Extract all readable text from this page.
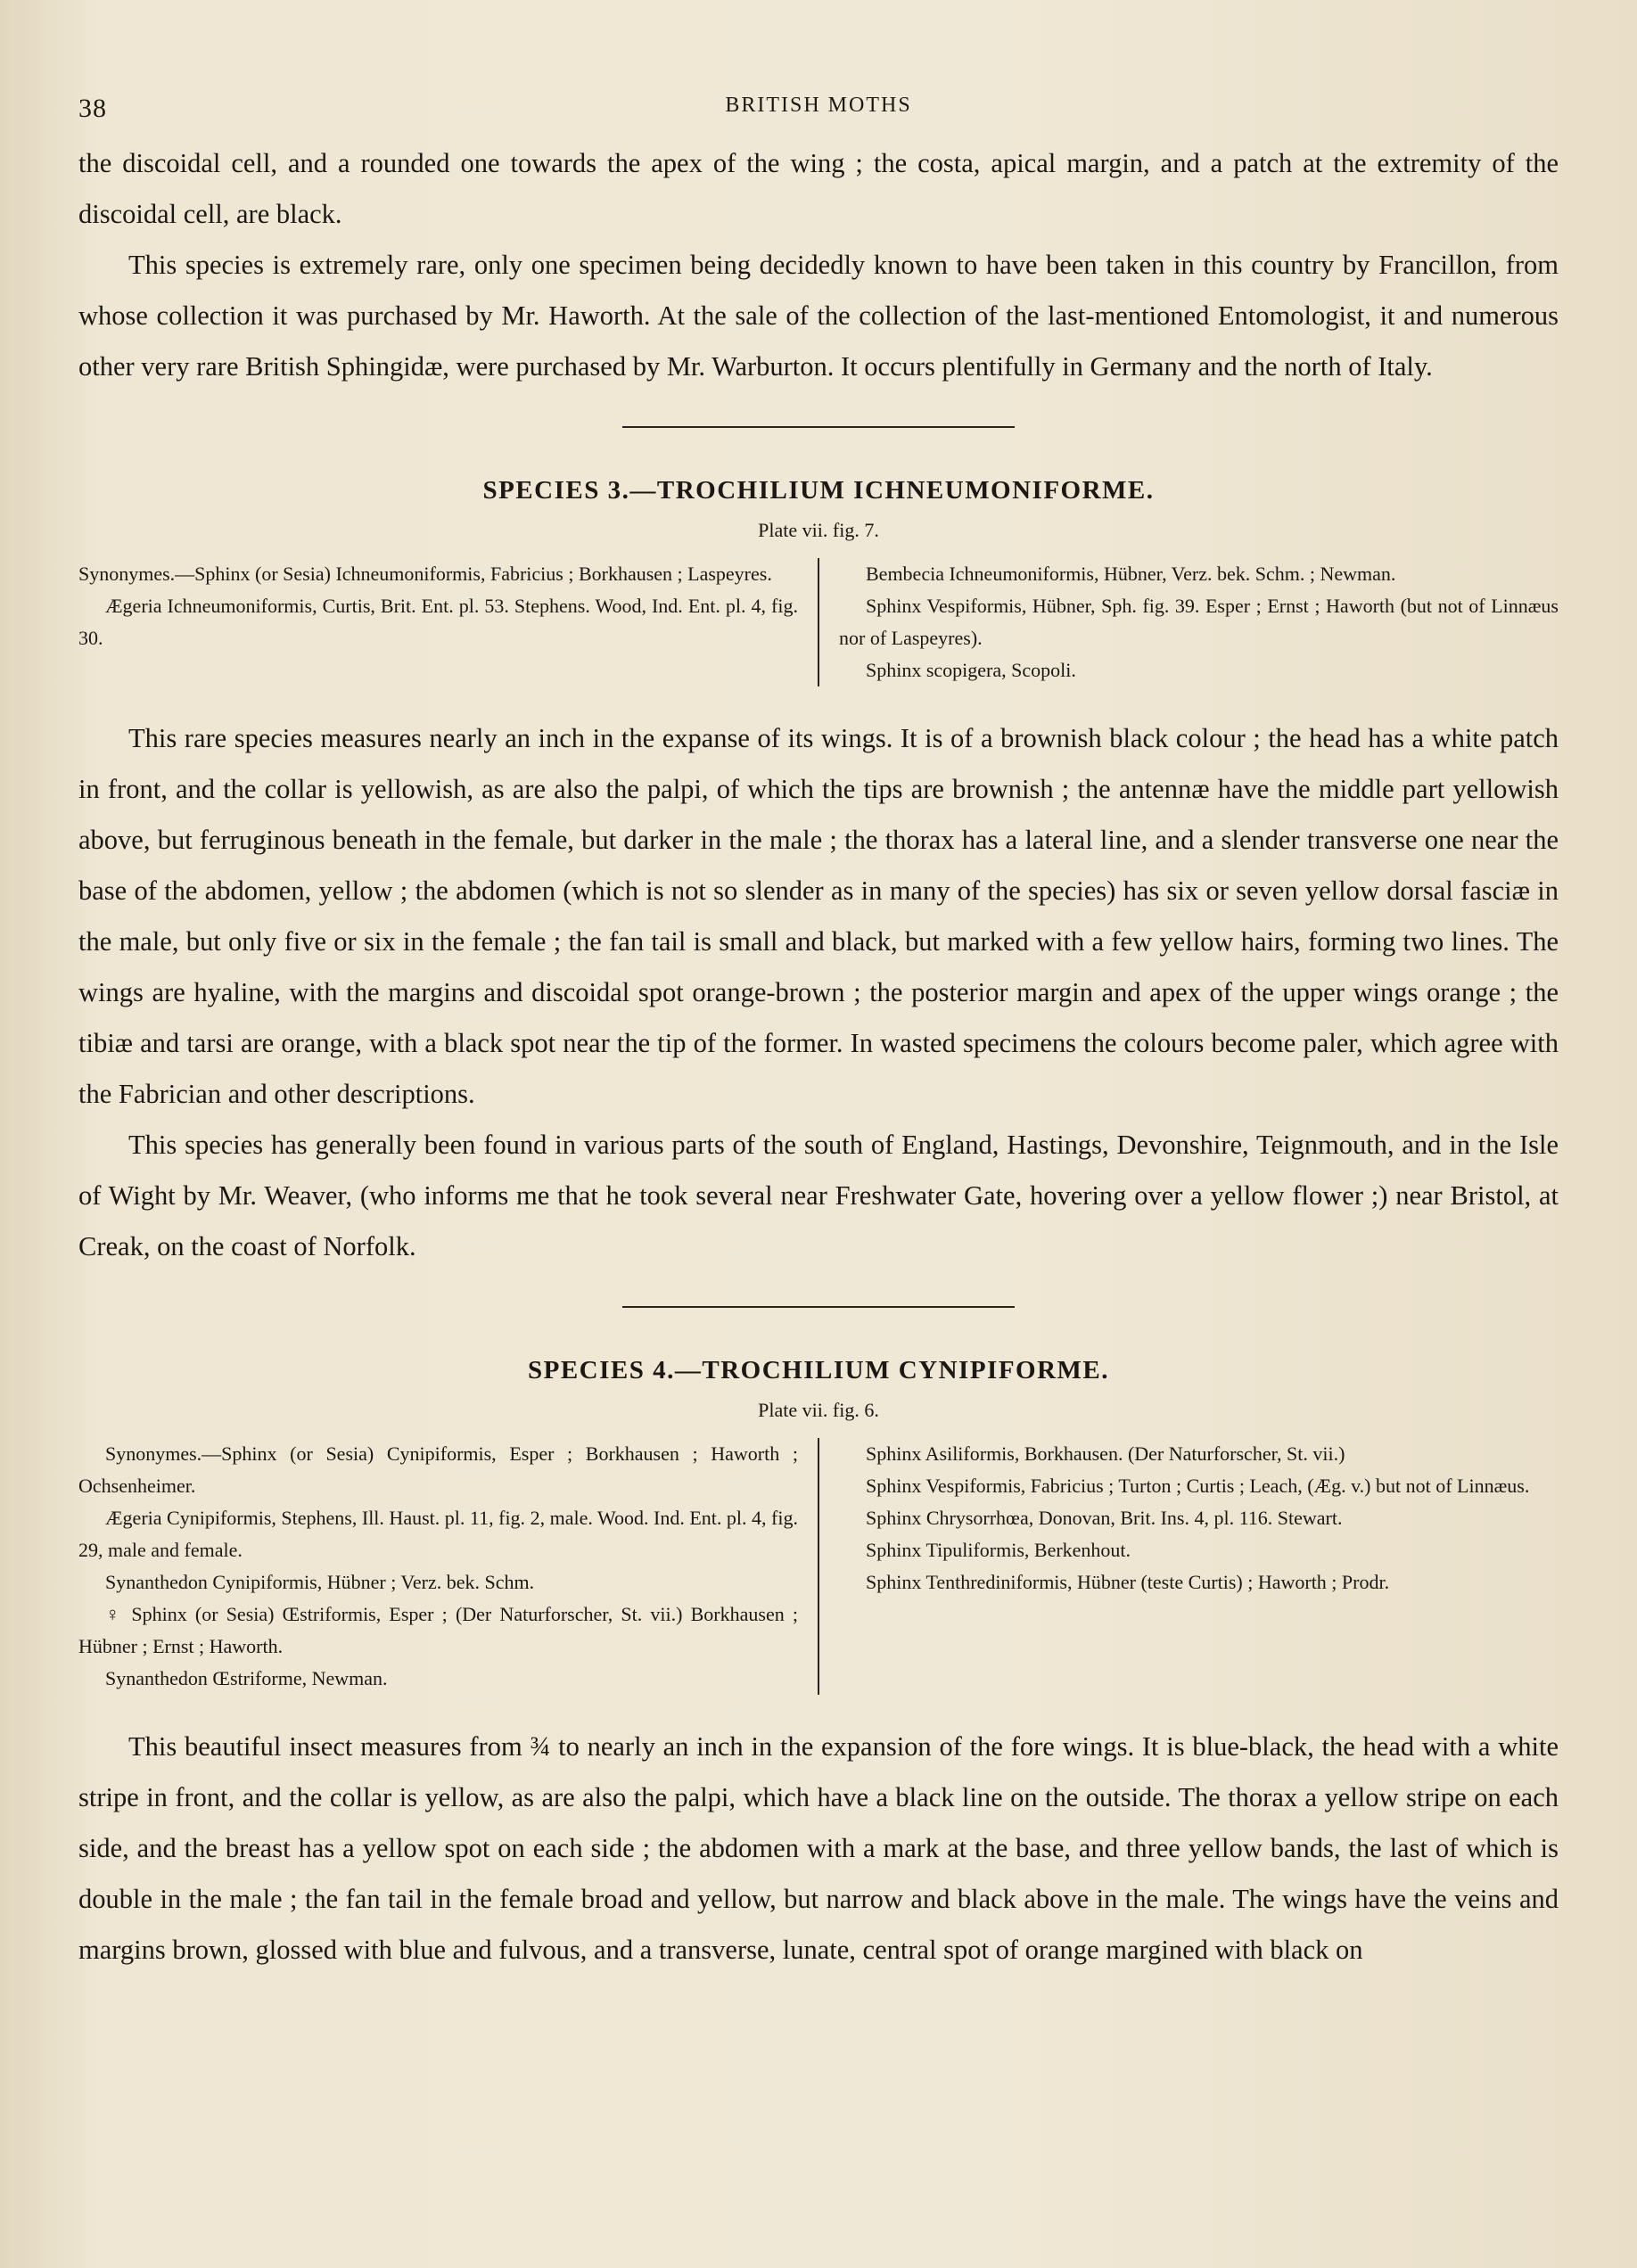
38	BRITISH MOTHS

the discoidal cell, and a rounded one towards the apex of the wing ; the costa, apical margin, and a patch at the extremity of the discoidal cell, are black.

This species is extremely rare, only one specimen being decidedly known to have been taken in this country by Francillon, from whose collection it was purchased by Mr. Haworth. At the sale of the collection of the last-mentioned Entomologist, it and numerous other very rare British Sphingidæ, were purchased by Mr. Warburton. It occurs plentifully in Germany and the north of Italy.

SPECIES 3.—TROCHILIUM ICHNEUMONIFORME.
Plate vii. fig. 7.

Synonymes.—Sphinx (or Sesia) Ichneumoniformis, Fabricius ; Borkhausen ; Laspeyres.

Ægeria Ichneumoniformis, Curtis, Brit. Ent. pl. 53. Stephens. Wood, Ind. Ent. pl. 4, fig. 30.

Bembecia Ichneumoniformis, Hübner, Verz. bek. Schm. ; Newman.

Sphinx Vespiformis, Hübner, Sph. fig. 39. Esper ; Ernst ; Haworth (but not of Linnæus nor of Laspeyres).

Sphinx scopigera, Scopoli.

This rare species measures nearly an inch in the expanse of its wings. It is of a brownish black colour ; the head has a white patch in front, and the collar is yellowish, as are also the palpi, of which the tips are brownish ; the antennæ have the middle part yellowish above, but ferruginous beneath in the female, but darker in the male ; the thorax has a lateral line, and a slender transverse one near the base of the abdomen, yellow ; the abdomen (which is not so slender as in many of the species) has six or seven yellow dorsal fasciæ in the male, but only five or six in the female ; the fan tail is small and black, but marked with a few yellow hairs, forming two lines. The wings are hyaline, with the margins and discoidal spot orange-brown ; the posterior margin and apex of the upper wings orange ; the tibiæ and tarsi are orange, with a black spot near the tip of the former. In wasted specimens the colours become paler, which agree with the Fabrician and other descriptions.

This species has generally been found in various parts of the south of England, Hastings, Devonshire, Teignmouth, and in the Isle of Wight by Mr. Weaver, (who informs me that he took several near Freshwater Gate, hovering over a yellow flower ;) near Bristol, at Creak, on the coast of Norfolk.

SPECIES 4.—TROCHILIUM CYNIPIFORME.
Plate vii. fig. 6.

Synonymes.—Sphinx (or Sesia) Cynipiformis, Esper ; Borkhausen ; Haworth ; Ochsenheimer.

Ægeria Cynipiformis, Stephens, Ill. Haust. pl. 11, fig. 2, male. Wood. Ind. Ent. pl. 4, fig. 29, male and female.

Synanthedon Cynipiformis, Hübner ; Verz. bek. Schm.

♀ Sphinx (or Sesia) Œstriformis, Esper ; (Der Naturforscher, St. vii.) Borkhausen ; Hübner ; Ernst ; Haworth.

Synanthedon Œstriforme, Newman.

Sphinx Asiliformis, Borkhausen. (Der Naturforscher, St. vii.)

Sphinx Vespiformis, Fabricius ; Turton ; Curtis ; Leach, (Æg. v.) but not of Linnæus.

Sphinx Chrysorrhœa, Donovan, Brit. Ins. 4, pl. 116. Stewart.

Sphinx Tipuliformis, Berkenhout.

Sphinx Tenthrediniformis, Hübner (teste Curtis) ; Haworth ; Prodr.

This beautiful insect measures from ¾ to nearly an inch in the expansion of the fore wings. It is blue-black, the head with a white stripe in front, and the collar is yellow, as are also the palpi, which have a black line on the outside. The thorax a yellow stripe on each side, and the breast has a yellow spot on each side ; the abdomen with a mark at the base, and three yellow bands, the last of which is double in the male ; the fan tail in the female broad and yellow, but narrow and black above in the male. The wings have the veins and margins brown, glossed with blue and fulvous, and a transverse, lunate, central spot of orange margined with black on
